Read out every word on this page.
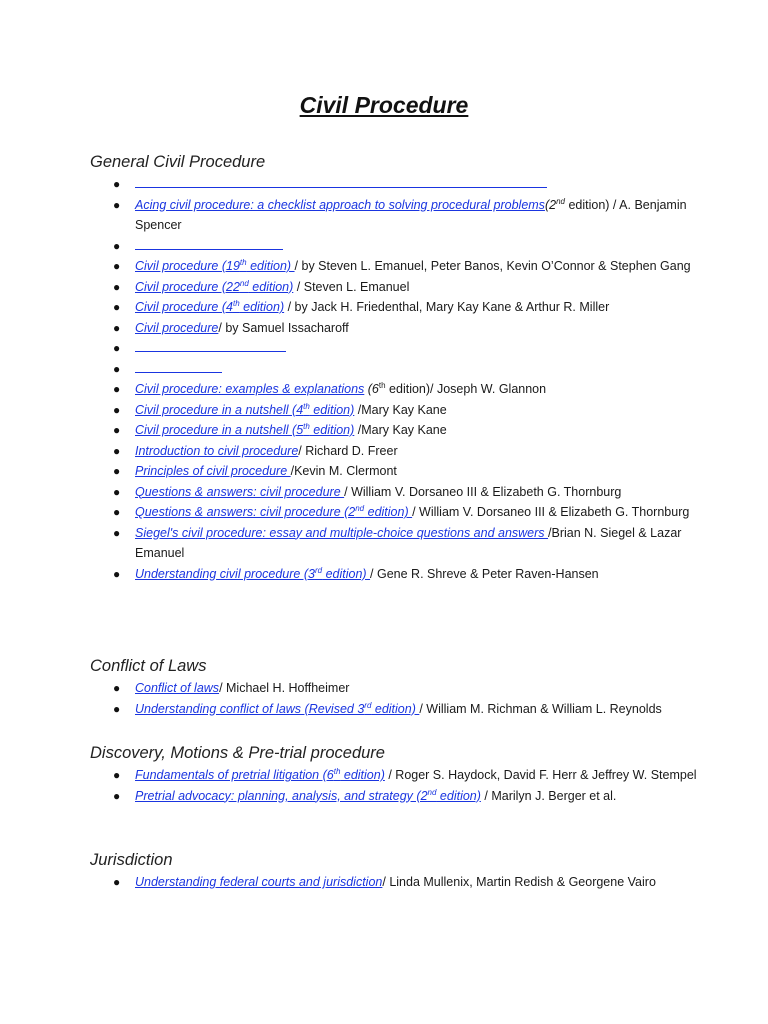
Civil Procedure
General Civil Procedure
●
● Acing civil procedure: a checklist approach to solving procedural problems(2nd edition) / A. Benjamin Spencer
●
● Civil procedure (19th edition) / by Steven L. Emanuel, Peter Banos, Kevin O’Connor & Stephen Gang
● Civil procedure (22nd edition) / Steven L. Emanuel
● Civil procedure (4th edition) / by Jack H. Friedenthal, Mary Kay Kane & Arthur R. Miller
● Civil procedure/ by Samuel Issacharoff
●
●
● Civil procedure: examples & explanations (6th edition)/ Joseph W. Glannon
● Civil procedure in a nutshell (4th edition) /Mary Kay Kane
● Civil procedure in a nutshell (5th edition) /Mary Kay Kane
● Introduction to civil procedure/ Richard D. Freer
● Principles of civil procedure /Kevin M. Clermont
● Questions & answers: civil procedure / William V. Dorsaneo III & Elizabeth G. Thornburg
● Questions & answers: civil procedure (2nd edition) / William V. Dorsaneo III & Elizabeth G. Thornburg
● Siegel's civil procedure: essay and multiple-choice questions and answers /Brian N. Siegel & Lazar Emanuel
● Understanding civil procedure (3rd edition) / Gene R. Shreve & Peter Raven-Hansen
Conflict of Laws
● Conflict of laws/ Michael H. Hoffheimer
● Understanding conflict of laws (Revised 3rd edition) / William M. Richman & William L. Reynolds
Discovery, Motions & Pre-trial procedure
● Fundamentals of pretrial litigation (6th edition) / Roger S. Haydock, David F. Herr & Jeffrey W. Stempel
● Pretrial advocacy: planning, analysis, and strategy (2nd edition) / Marilyn J. Berger et al.
Jurisdiction
● Understanding federal courts and jurisdiction/ Linda Mullenix, Martin Redish & Georgene Vairo
